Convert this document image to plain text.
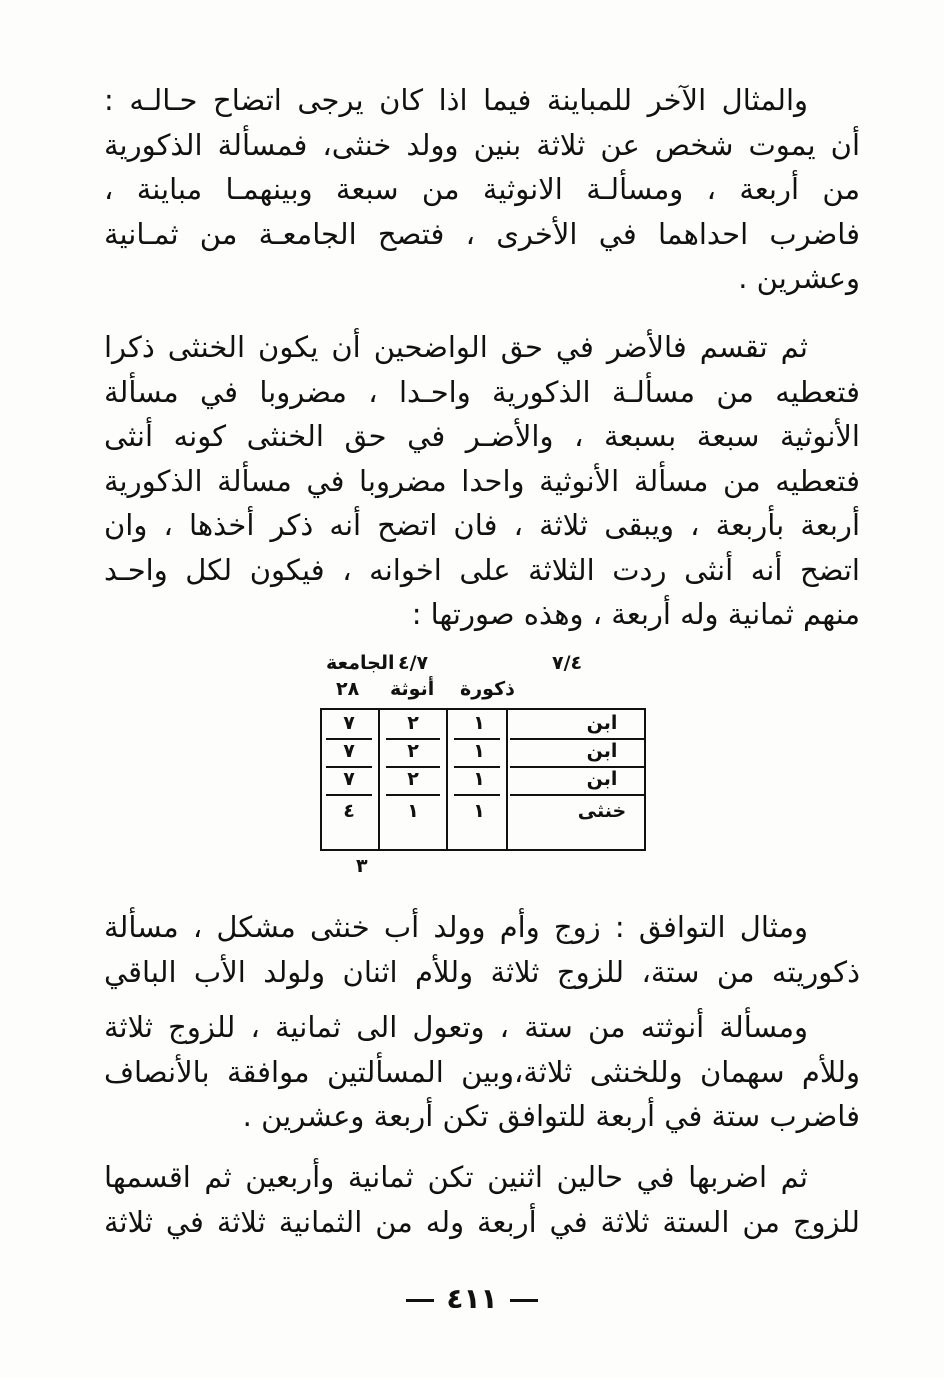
والمثال الآخر للمباينة فيما اذا كان يرجى اتضاح حـالـه :
أن يموت شخص عن ثلاثة بنين وولد خنثى، فمسألة الذكورية
من أربعة ، ومسألـة الانوثية من سبعة وبينهمـا مباينة ،
فاضرب احداهما في الأخرى ، فتصح الجامعـة من ثمـانية
وعشرين .
ثم تقسم فالأضر في حق الواضحين أن يكون الخنثى ذكرا
فتعطيه من مسألـة الذكورية واحـدا ، مضروبا في مسألة
الأنوثية سبعة بسبعة ، والأضـر في حق الخنثى كونه أنثى
فتعطيه من مسألة الأنوثية واحدا مضروبا في مسألة الذكورية
أربعة بأربعة ، ويبقى ثلاثة ، فان اتضح أنه ذكر أخذها ، وان
اتضح أنه أنثى ردت الثلاثة على اخوانه ، فيكون لكل واحـد
منهم ثمانية وله أربعة ، وهذه صورتها :
٧/٤
٤/٧
الجامعة
ذكورة
أنوثة
٢٨
ابن
١
٢
٧
ابن
١
٢
٧
ابن
١
٢
٧
خنثى
١
١
٤
٣
ومثال التوافق : زوج وأم وولد أب خنثى مشكل ، مسألة
ذكوريته من ستة، للزوج ثلاثة وللأم اثنان ولولد الأب الباقي
ومسألة أنوثته من ستة ، وتعول الى ثمانية ، للزوج ثلاثة
وللأم سهمان وللخنثى ثلاثة،وبين المسألتين موافقة بالأنصاف
فاضرب ستة في أربعة للتوافق تكن أربعة وعشرين .
ثم اضربها في حالين اثنين تكن ثمانية وأربعين ثم اقسمها
للزوج من الستة ثلاثة في أربعة وله من الثمانية ثلاثة في ثلاثة
٤١١
